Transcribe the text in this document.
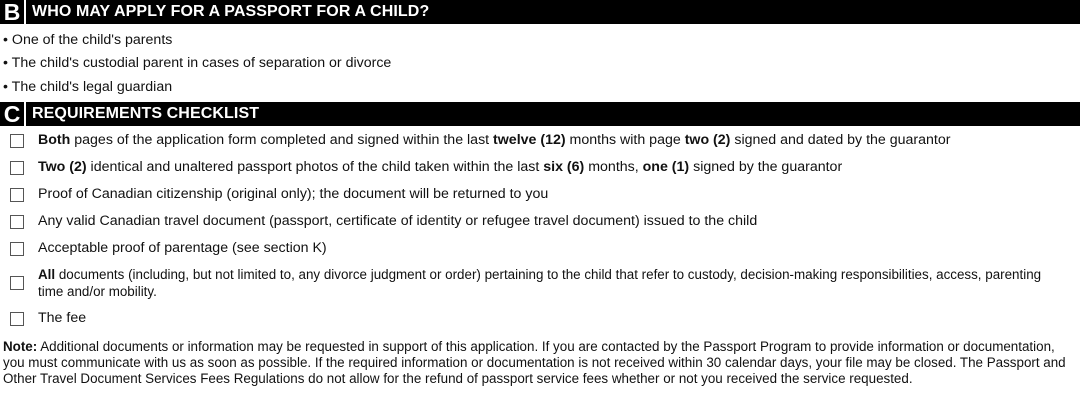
B WHO MAY APPLY FOR A PASSPORT FOR A CHILD?
• One of the child's parents
• The child's custodial parent in cases of separation or divorce
• The child's legal guardian
C REQUIREMENTS CHECKLIST
Both pages of the application form completed and signed within the last twelve (12) months with page two (2) signed and dated by the guarantor
Two (2) identical and unaltered passport photos of the child taken within the last six (6) months, one (1) signed by the guarantor
Proof of Canadian citizenship (original only); the document will be returned to you
Any valid Canadian travel document (passport, certificate of identity or refugee travel document) issued to the child
Acceptable proof of parentage (see section K)
All documents (including, but not limited to, any divorce judgment or order) pertaining to the child that refer to custody, decision-making responsibilities, access, parenting time and/or mobility.
The fee
Note: Additional documents or information may be requested in support of this application. If you are contacted by the Passport Program to provide information or documentation, you must communicate with us as soon as possible. If the required information or documentation is not received within 30 calendar days, your file may be closed. The Passport and Other Travel Document Services Fees Regulations do not allow for the refund of passport service fees whether or not you received the service requested.
